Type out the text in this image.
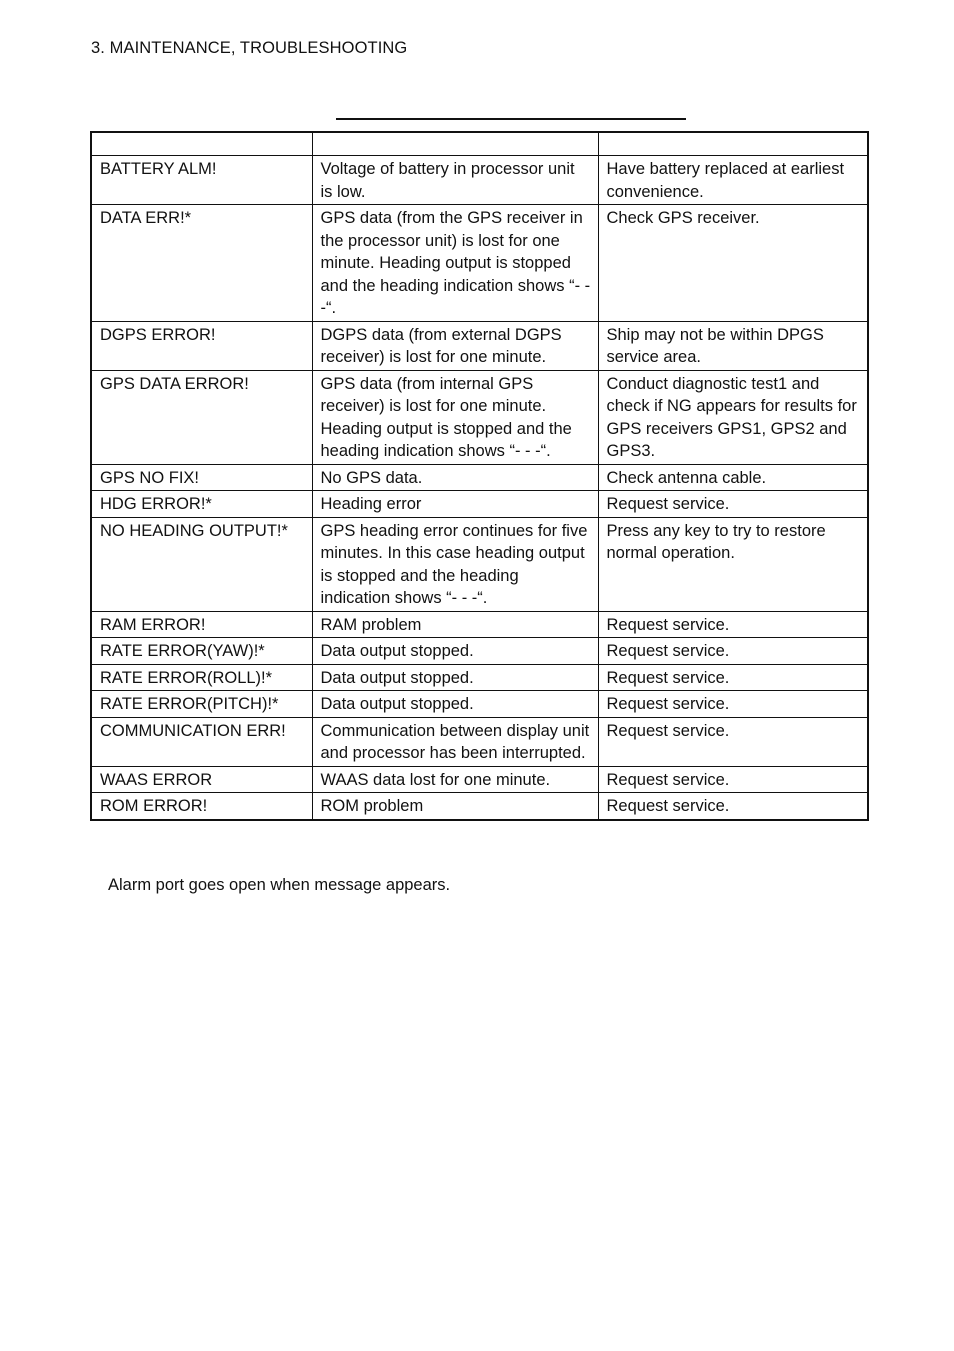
3. MAINTENANCE, TROUBLESHOOTING

BATTERY ALM!	Voltage of battery in processor unit is low.	Have battery replaced at earliest convenience.
DATA ERR!*	GPS data (from the GPS receiver in the processor unit) is lost for one minute. Heading output is stopped and the heading indication shows “- - -“.	Check GPS receiver.
DGPS ERROR!	DGPS data (from external DGPS receiver) is lost for one minute.	Ship may not be within DPGS service area.
GPS DATA ERROR!	GPS data (from internal GPS receiver) is lost for one minute. Heading output is stopped and the heading indication shows “- - -“.	Conduct diagnostic test1 and check if NG appears for results for GPS receivers GPS1, GPS2 and GPS3.
GPS NO FIX!	No GPS data.	Check antenna cable.
HDG ERROR!*	Heading error	Request service.
NO HEADING OUTPUT!*	GPS heading error continues for five minutes. In this case heading output is stopped and the heading indication shows “- - -“.	Press any key to try to restore normal operation.
RAM ERROR!	RAM problem	Request service.
RATE ERROR(YAW)!*	Data output stopped.	Request service.
RATE ERROR(ROLL)!*	Data output stopped.	Request service.
RATE ERROR(PITCH)!*	Data output stopped.	Request service.
COMMUNICATION ERR!	Communication between display unit and processor has been interrupted.	Request service.
WAAS ERROR	WAAS data lost for one minute.	Request service.
ROM ERROR!	ROM problem	Request service.
Alarm port goes open when message appears.
